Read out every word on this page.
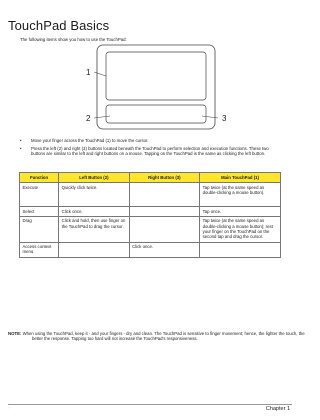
TouchPad Basics

The following items show you how to use the TouchPad:

1
2	3
• Move your finger across the TouchPad (1) to move the cursor.
• Press the left (2) and right (3) buttons located beneath the TouchPad to perform selection and execution functions. These two buttons are similar to the left and right buttons on a mouse. Tapping on the TouchPad is the same as clicking the left button.
Function	Left Button (2)	Right Button (3)	Main TouchPad (1)
Execute	Quickly click twice.		Tap twice (at the same speed as double-clicking a mouse button).
Select	Click once.		Tap once.
Drag	Click and hold, then use finger on the TouchPad to drag the cursor.		Tap twice (at the same speed as double-clicking a mouse button); rest your finger on the TouchPad on the second tap and drag the cursor.
Access context menu		Click once.	

NOTE: When using the TouchPad, keep it - and your fingers - dry and clean. The TouchPad is sensitive to finger movement; hence, the lighter the touch, the better the response. Tapping too hard will not increase the TouchPad's responsiveness.

'	Chapter 1
